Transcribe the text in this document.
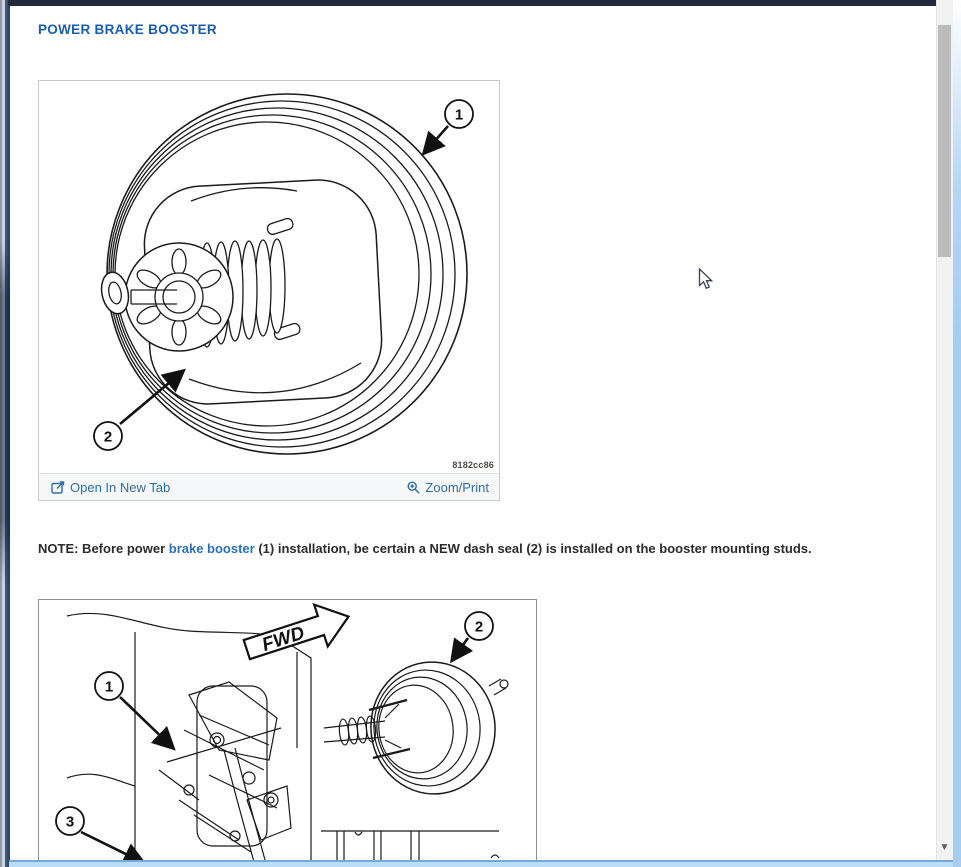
POWER BRAKE BOOSTER
1
2
8182cc86
Open In New Tab	Zoom/Print
NOTE: Before power brake booster (1) installation, be certain a NEW dash seal (2) is installed on the booster mounting studs.
FWD
1
2
3
▼
